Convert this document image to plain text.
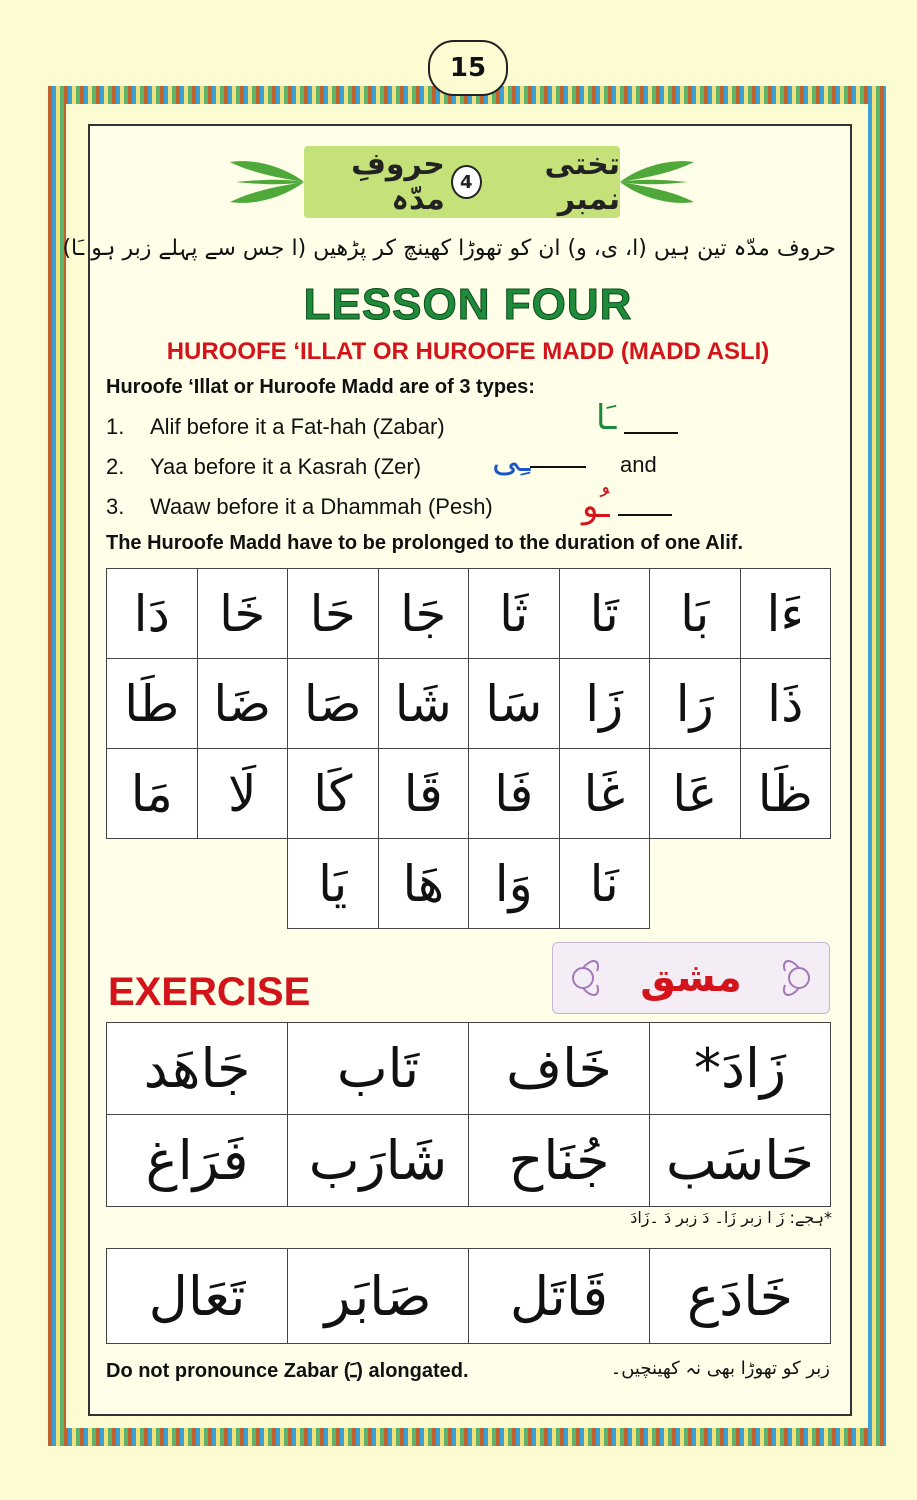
15
تختی نمبر
4
حروفِ مدّہ
حروف مدّہ تین ہیں (ا، ی، و) ان کو تھوڑا کھینچ کر پڑھیں (ا جس سے پہلے زبر ہو ـَا)
LESSON FOUR
HUROOFE ‘ILLAT OR HUROOFE MADD (MADD ASLI)
Huroofe ‘Illat or Huroofe Madd are of 3 types:
1. Alif before it a Fat-hah (Zabar)
2. Yaa before it a Kasrah (Zer)
3. Waaw before it a Dhammah (Pesh)
ـَا
ـِی	and
ـُو
The Huroofe Madd have to be prolonged to the duration of one Alif.
ءَا
بَا
تَا
ثَا
جَا
حَا
خَا
دَا
ذَا
رَا
زَا
سَا
شَا
صَا
ضَا
طَا
ظَا
عَا
غَا
فَا
قَا
کَا
لَا
مَا
نَا
وَا
ھَا
یَا
مشق
EXERCISE
زَادَ*
خَاف
تَاب
جَاھَد
حَاسَب
جُنَاح
شَارَب
فَرَاغ
*ہجے: زَ ا زبر زَا۔ دَ زبر دَ ۔زَادَ
خَادَع
قَاتَل
صَابَر
تَعَال
Do not pronounce Zabar (ـَ) alongated.	زبر کو تھوڑا بھی نہ کھینچیں۔
